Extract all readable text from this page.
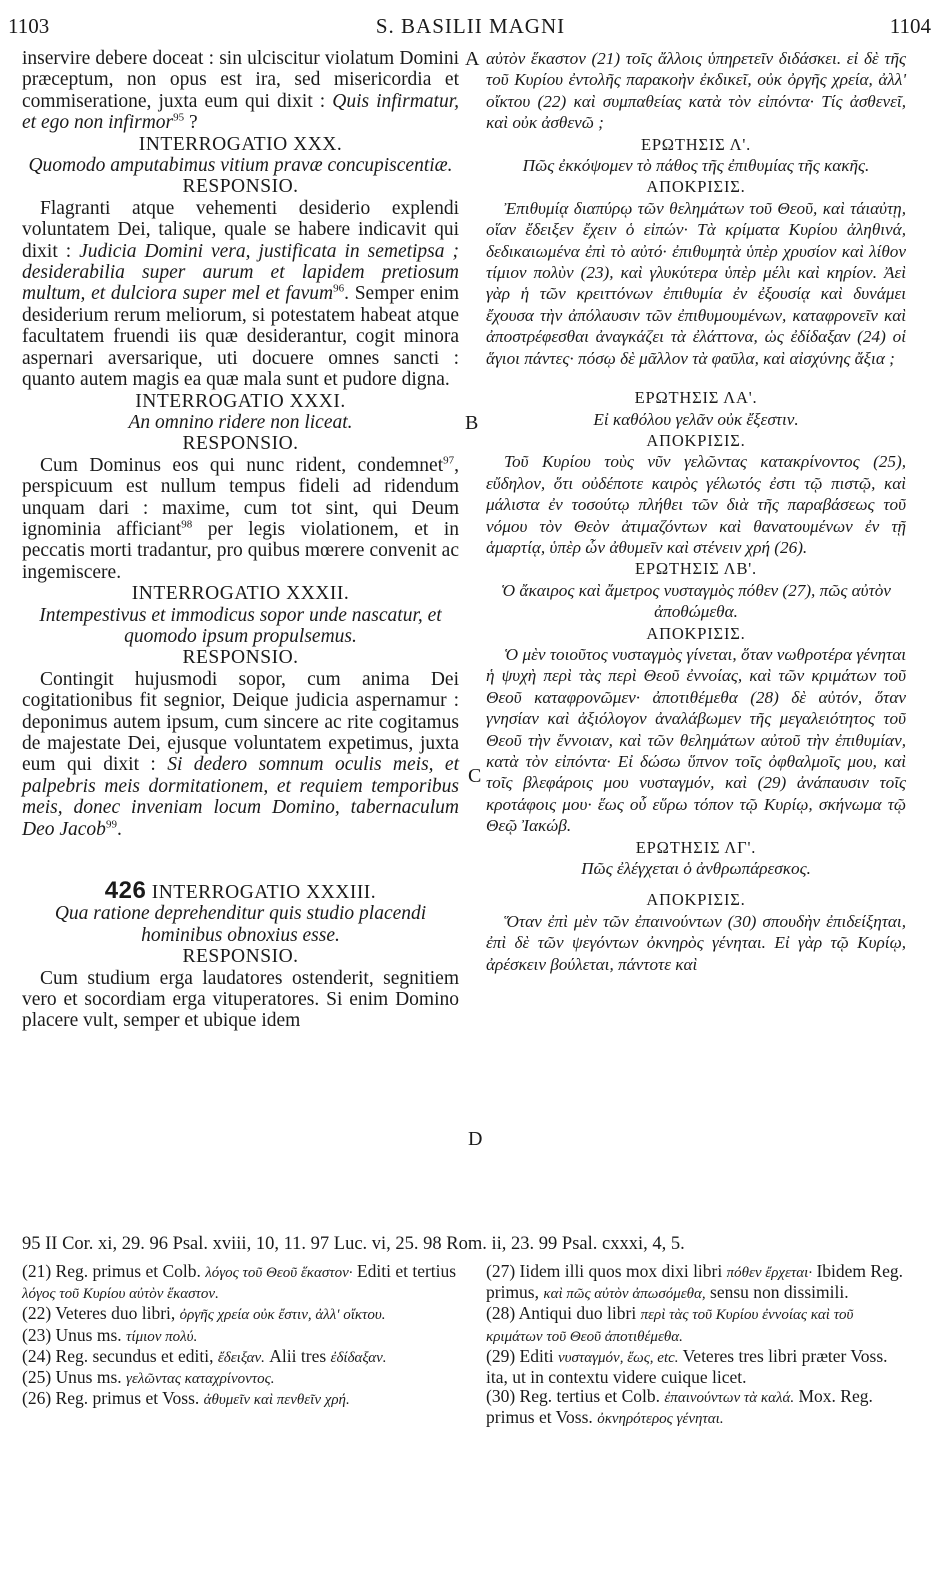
1103	S. BASILII MAGNI	1104
A
B
C
D

inservire debere doceat : sin ulciscitur violatum Domini præceptum, non opus est ira, sed misericordia et commiseratione, juxta eum qui dixit : Quis infirmatur, et ego non infirmor$^{95}$ ?

INTERROGATIO XXX.

Quomodo amputabimus vitium pravæ concupiscentiæ.

RESPONSIO.

Flagranti atque vehementi desiderio explendi voluntatem Dei, talique, quale se habere indicavit qui dixit : Judicia Domini vera, justificata in semetipsa ; desiderabilia super aurum et lapidem pretiosum multum, et dulciora super mel et favum$^{96}$. Semper enim desiderium rerum meliorum, si potestatem habeat atque facultatem fruendi iis quæ desiderantur, cogit minora aspernari aversarique, uti docuere omnes sancti : quanto autem magis ea quæ mala sunt et pudore digna.

INTERROGATIO XXXI.

An omnino ridere non liceat.

RESPONSIO.

Cum Dominus eos qui nunc rident, condemnet$^{97}$, perspicuum est nullum tempus fideli ad ridendum unquam dari : maxime, cum tot sint, qui Deum ignominia afficiant$^{98}$ per legis violationem, et in peccatis morti tradantur, pro quibus mœrere convenit ac ingemiscere.

INTERROGATIO XXXII.

Intempestivus et immodicus sopor unde nascatur, et quomodo ipsum propulsemus.

RESPONSIO.

Contingit hujusmodi sopor, cum anima Dei cogitationibus fit segnior, Deique judicia aspernamur : deponimus autem ipsum, cum sincere ac rite cogitamus de majestate Dei, ejusque voluntatem expetimus, juxta eum qui dixit : Si dedero somnum oculis meis, et palpebris meis dormitationem, et requiem temporibus meis, donec inveniam locum Domino, tabernaculum Deo Jacob$^{99}$.

426 INTERROGATIO XXXIII.

Qua ratione deprehenditur quis studio placendi hominibus obnoxius esse.

RESPONSIO.

Cum studium erga laudatores ostenderit, segnitiem vero et socordiam erga vituperatores. Si enim Domino placere vult, semper et ubique idem

αὐτὸν ἕκαστον (21) τοῖς ἄλλοις ὑπηρετεῖν διδάσκει. εἰ δὲ τῆς τοῦ Κυρίου ἐντολῆς παρακοὴν ἐκδικεῖ, οὐκ ὀργῆς χρεία, ἀλλ' οἴκτου (22) καὶ συμπαθείας κατὰ τὸν εἰπόντα· Τίς ἀσθενεῖ, καὶ οὐκ ἀσθενῶ ;

ΕΡΩΤΗΣΙΣ Λ'.

Πῶς ἐκκόψομεν τὸ πάθος τῆς ἐπιθυμίας τῆς κακῆς.

ΑΠΟΚΡΙΣΙΣ.

Ἐπιθυμίᾳ διαπύρῳ τῶν θελημάτων τοῦ Θεοῦ, καὶ τάιαὐτῃ, οἵαν ἔδειξεν ἔχειν ὁ εἰπών· Τὰ κρίματα Κυρίου ἀληθινά, δεδικαιωμένα ἐπὶ τὸ αὐτό· ἐπιθυμητὰ ὑπὲρ χρυσίον καὶ λίθον τίμιον πολὺν (23), καὶ γλυκύτερα ὑπὲρ μέλι καὶ κηρίον. Ἀεὶ γὰρ ἡ τῶν κρειττόνων ἐπιθυμία ἐν ἐξουσίᾳ καὶ δυνάμει ἔχουσα τὴν ἀπόλαυσιν τῶν ἐπιθυμουμένων, καταφρονεῖν καὶ ἀποστρέφεσθαι ἀναγκάζει τὰ ἐλάττονα, ὡς ἐδίδαξαν (24) οἱ ἅγιοι πάντες· πόσῳ δὲ μᾶλλον τὰ φαῦλα, καὶ αἰσχύνης ἄξια ;

ΕΡΩΤΗΣΙΣ ΛΑ'.

Εἰ καθόλου γελᾶν οὐκ ἔξεστιν.

ΑΠΟΚΡΙΣΙΣ.

Τοῦ Κυρίου τοὺς νῦν γελῶντας κατακρίνοντος (25), εὔδηλον, ὅτι οὐδέποτε καιρὸς γέλωτός ἐστι τῷ πιστῷ, καὶ μάλιστα ἐν τοσούτῳ πλήθει τῶν διὰ τῆς παραβάσεως τοῦ νόμου τὸν Θεὸν ἀτιμαζόντων καὶ θανατουμένων ἐν τῇ ἁμαρτίᾳ, ὑπὲρ ὧν ἀθυμεῖν καὶ στένειν χρή (26).

ΕΡΩΤΗΣΙΣ ΛΒ'.

Ὁ ἄκαιρος καὶ ἄμετρος νυσταγμὸς πόθεν (27), πῶς αὐτὸν ἀποθώμεθα.

ΑΠΟΚΡΙΣΙΣ.

Ὁ μὲν τοιοῦτος νυσταγμὸς γίνεται, ὅταν νωθροτέρα γένηται ἡ ψυχὴ περὶ τὰς περὶ Θεοῦ ἐννοίας, καὶ τῶν κριμάτων τοῦ Θεοῦ καταφρονῶμεν· ἀποτιθέμεθα (28) δὲ αὐτόν, ὅταν γνησίαν καὶ ἀξιόλογον ἀναλάβωμεν τῆς μεγαλειότητος τοῦ Θεοῦ τὴν ἔννοιαν, καὶ τῶν θελημάτων αὐτοῦ τὴν ἐπιθυμίαν, κατὰ τὸν εἰπόντα· Εἰ δώσω ὕπνον τοῖς ὀφθαλμοῖς μου, καὶ τοῖς βλεφάροις μου νυσταγμόν, καὶ (29) ἀνάπαυσιν τοῖς κροτάφοις μου· ἕως οὗ εὕρω τόπον τῷ Κυρίῳ, σκήνωμα τῷ Θεῷ Ἰακώβ.

ΕΡΩΤΗΣΙΣ ΛΓ'.

Πῶς ἐλέγχεται ὁ ἀνθρωπάρεσκος.

ΑΠΟΚΡΙΣΙΣ.

Ὅταν ἐπὶ μὲν τῶν ἐπαινούντων (30) σπουδὴν ἐπιδείξηται, ἐπὶ δὲ τῶν ψεγόντων ὀκνηρὸς γένηται. Εἰ γὰρ τῷ Κυρίῳ, ἀρέσκειν βούλεται, πάντοτε καὶ

95 II Cor. xi, 29. 96 Psal. xviii, 10, 11. 97 Luc. vi, 25. 98 Rom. ii, 23. 99 Psal. cxxxi, 4, 5.

(21) Reg. primus et Colb. λόγος τοῦ Θεοῦ ἕκαστον· Editi et tertius λόγος τοῦ Κυρίου αὐτὸν ἕκαστον.

(22) Veteres duo libri, ὀργῆς χρεία οὐκ ἔστιν, ἀλλ' οἴκτου.

(23) Unus ms. τίμιον πολύ.

(24) Reg. secundus et editi, ἔδειξαν. Alii tres ἐδίδαξαν.

(25) Unus ms. γελῶντας καταχρίνοντος.

(26) Reg. primus et Voss. ἀθυμεῖν καὶ πενθεῖν χρή.

(27) Iidem illi quos mox dixi libri πόθεν ἔρχεται· Ibidem Reg. primus, καὶ πῶς αὐτὸν ἀπωσόμεθα, sensu non dissimili.

(28) Antiqui duo libri περὶ τὰς τοῦ Κυρίου ἐννοίας καὶ τοῦ κριμάτων τοῦ Θεοῦ ἀποτιθέμεθα.

(29) Editi νυσταγμόν, ἕως, etc. Veteres tres libri præter Voss. ita, ut in contextu videre cuique licet.

(30) Reg. tertius et Colb. ἐπαινούντων τὰ καλά. Mox. Reg. primus et Voss. ὀκνηρότερος γένηται.
